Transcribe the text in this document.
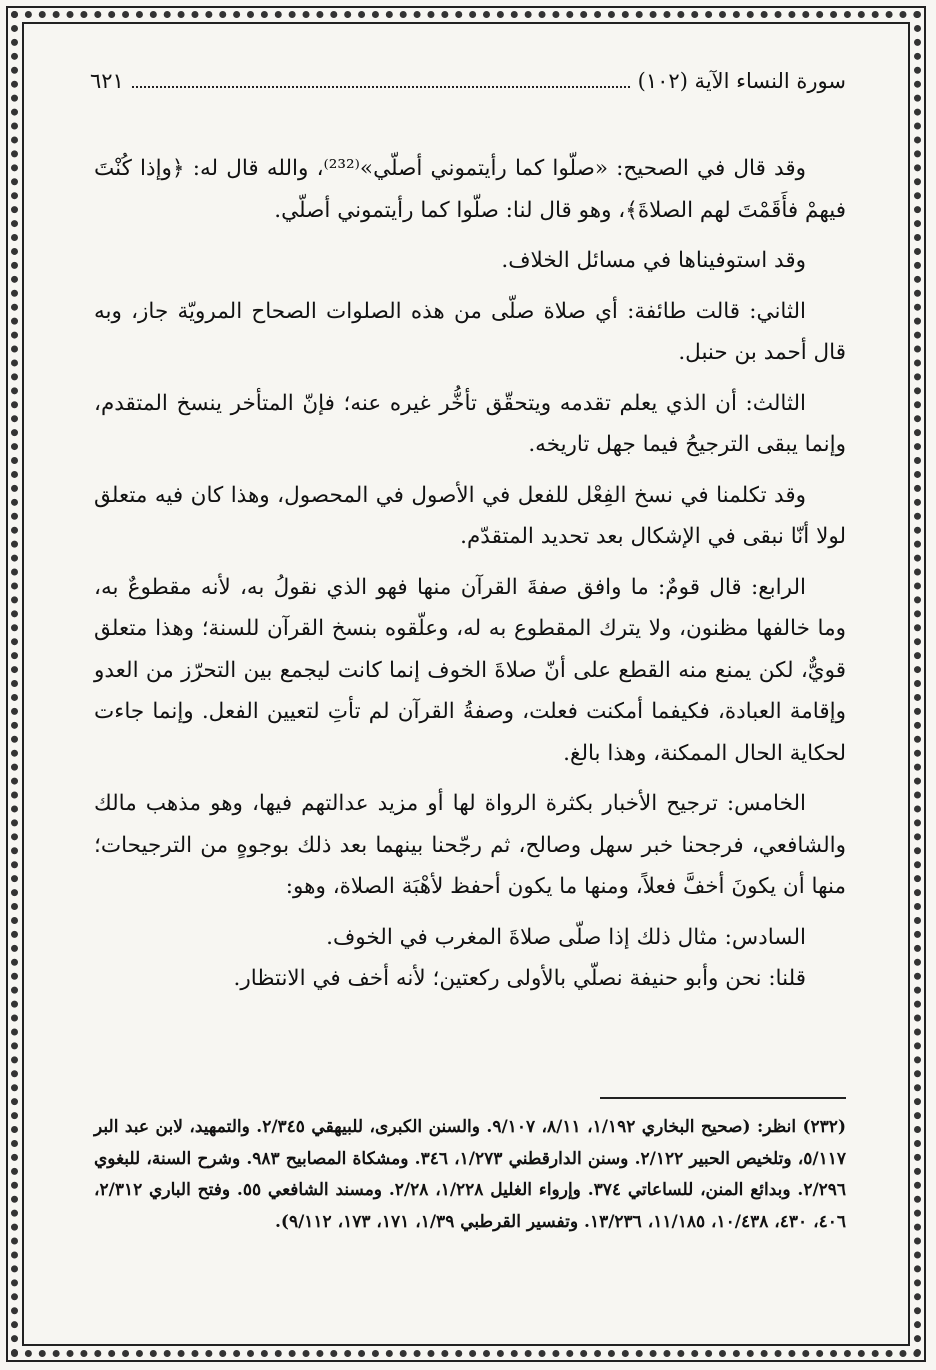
سورة النساء الآية (١٠٢)
٦٢١

وقد قال في الصحيح: «صلّوا كما رأيتموني أصلّي»⁽²³²⁾، والله قال له: ﴿وإذا كُنْتَ فيهمْ فأَقَمْتَ لهم الصلاةَ﴾، وهو قال لنا: صلّوا كما رأيتموني أصلّي.

وقد استوفيناها في مسائل الخلاف.

الثاني: قالت طائفة: أي صلاة صلّى من هذه الصلوات الصحاح المرويّة جاز، وبه قال أحمد بن حنبل.

الثالث: أن الذي يعلم تقدمه ويتحقّق تأخُّر غيره عنه؛ فإنّ المتأخر ينسخ المتقدم، وإنما يبقى الترجيحُ فيما جهل تاريخه.

وقد تكلمنا في نسخ الفِعْل للفعل في الأصول في المحصول، وهذا كان فيه متعلق لولا أنّا نبقى في الإشكال بعد تحديد المتقدّم.

الرابع: قال قومٌ: ما وافق صفةَ القرآن منها فهو الذي نقولُ به، لأنه مقطوعٌ به، وما خالفها مظنون، ولا يترك المقطوع به له، وعلّقوه بنسخ القرآن للسنة؛ وهذا متعلق قويٌّ، لكن يمنع منه القطع على أنّ صلاةَ الخوف إنما كانت ليجمع بين التحرّز من العدو وإقامة العبادة، فكيفما أمكنت فعلت، وصفةُ القرآن لم تأتِ لتعيين الفعل. وإنما جاءت لحكاية الحال الممكنة، وهذا بالغ.

الخامس: ترجيح الأخبار بكثرة الرواة لها أو مزيد عدالتهم فيها، وهو مذهب مالك والشافعي، فرجحنا خبر سهل وصالح، ثم رجّحنا بينهما بعد ذلك بوجوهٍ من الترجيحات؛ منها أن يكونَ أخفَّ فعلاً، ومنها ما يكون أحفظ لأهْبَة الصلاة، وهو:

السادس: مثال ذلك إذا صلّى صلاةَ المغرب في الخوف.

قلنا: نحن وأبو حنيفة نصلّي بالأولى ركعتين؛ لأنه أخف في الانتظار.

(٢٣٢) انظر: (صحيح البخاري ١/١٩٢، ٨/١١، ٩/١٠٧. والسنن الكبرى، للبيهقي ٢/٣٤٥. والتمهيد، لابن عبد البر ٥/١١٧، وتلخيص الحبير ٢/١٢٢. وسنن الدارقطني ١/٢٧٣، ٣٤٦. ومشكاة المصابيح ٩٨٣. وشرح السنة، للبغوي ٢/٢٩٦. وبدائع المنن، للساعاتي ٣٧٤. وإرواء الغليل ١/٢٢٨، ٢/٢٨. ومسند الشافعي ٥٥. وفتح الباري ٢/٣١٢، ٤٠٦، ٤٣٠، ١٠/٤٣٨، ١١/١٨٥، ١٣/٢٣٦. وتفسير القرطبي ١/٣٩، ١٧١، ١٧٣، ٩/١١٢).
